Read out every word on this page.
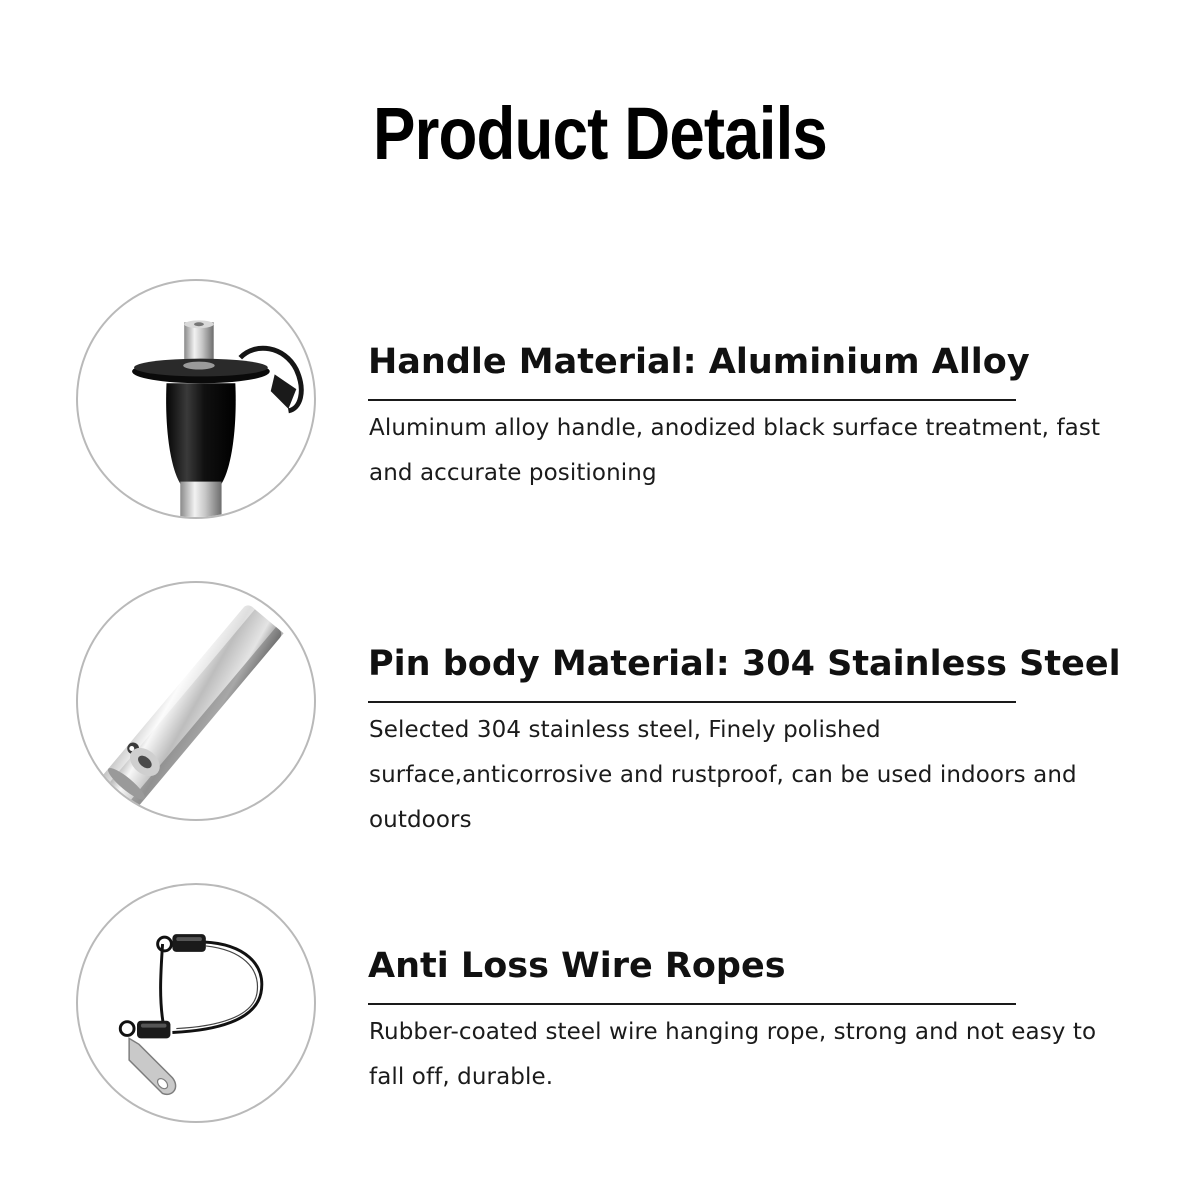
Product Details
Handle Material: Aluminium Alloy
Aluminum alloy handle, anodized black surface treatment, fast and accurate positioning
Pin body Material: 304 Stainless Steel
Selected 304 stainless steel, Finely polished surface,anticorrosive and rustproof, can be used indoors and outdoors
Anti Loss Wire Ropes
Rubber-coated steel wire hanging rope, strong and not easy to fall off, durable.
